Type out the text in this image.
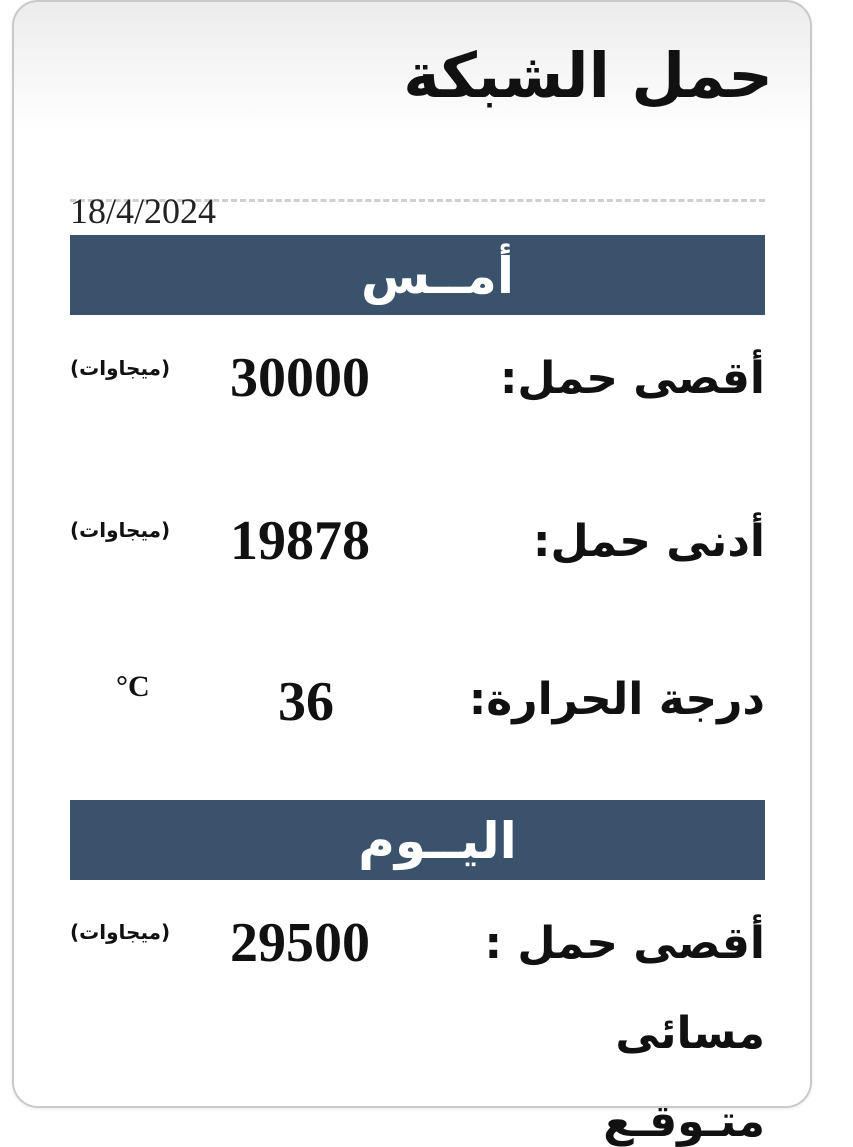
حمل الشبكة
18/4/2024
أمــس
أقصى حمل:
30000
(ميجاوات)
أدنى حمل:
19878
(ميجاوات)
درجة الحرارة:
36
°C
اليــوم
أقصى حمل :
29500
(ميجاوات)
مسائى
متـوقـع
